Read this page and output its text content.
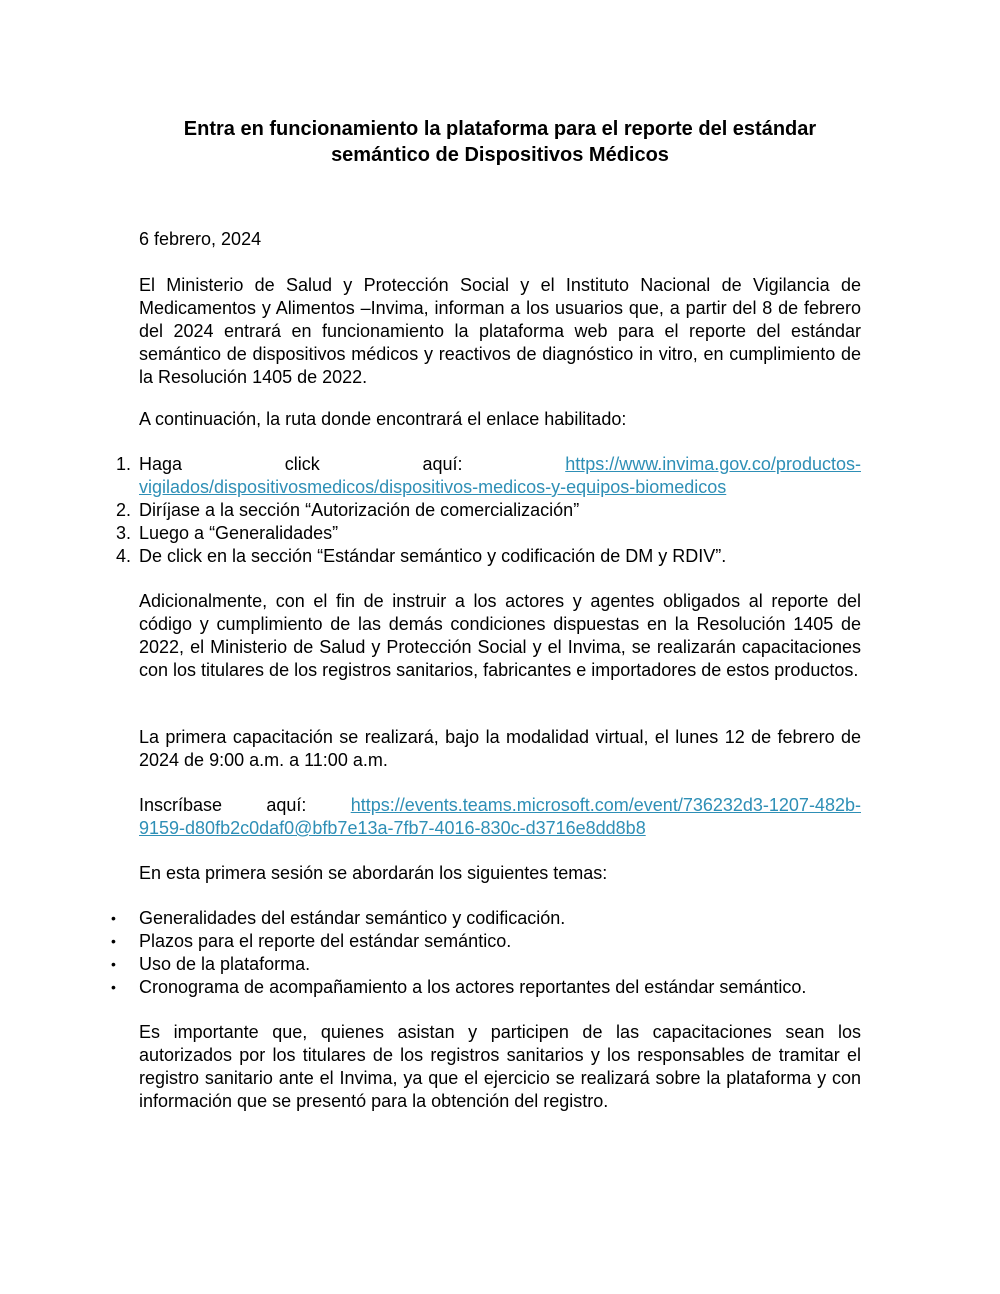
Entra en funcionamiento la plataforma para el reporte del estándar
semántico de Dispositivos Médicos

6 febrero, 2024

El Ministerio de Salud y Protección Social y el Instituto Nacional de Vigilancia de Medicamentos y Alimentos –Invima, informan a los usuarios que, a partir del 8 de febrero del 2024 entrará en funcionamiento la plataforma web para el reporte del estándar semántico de dispositivos médicos y reactivos de diagnóstico in vitro, en cumplimiento de la Resolución 1405 de 2022.

A continuación, la ruta donde encontrará el enlace habilitado:

1. Haga	click	aquí:	https://www.invima.gov.co/productos-
vigilados/dispositivosmedicos/dispositivos-medicos-y-equipos-biomedicos
2. Diríjase a la sección “Autorización de comercialización”
3. Luego a “Generalidades”
4. De click en la sección “Estándar semántico y codificación de DM y RDIV”.

Adicionalmente, con el fin de instruir a los actores y agentes obligados al reporte del código y cumplimiento de las demás condiciones dispuestas en la Resolución 1405 de 2022, el Ministerio de Salud y Protección Social y el Invima, se realizarán capacitaciones con los titulares de los registros sanitarios, fabricantes e importadores de estos productos.

La primera capacitación se realizará, bajo la modalidad virtual, el lunes 12 de febrero de 2024 de 9:00 a.m. a 11:00 a.m.

Inscríbase aquí: https://events.teams.microsoft.com/event/736232d3-1207-482b-
9159-d80fb2c0daf0@bfb7e13a-7fb7-4016-830c-d3716e8dd8b8

En esta primera sesión se abordarán los siguientes temas:

• Generalidades del estándar semántico y codificación.
• Plazos para el reporte del estándar semántico.
• Uso de la plataforma.
• Cronograma de acompañamiento a los actores reportantes del estándar semántico.

Es importante que, quienes asistan y participen de las capacitaciones sean los autorizados por los titulares de los registros sanitarios y los responsables de tramitar el registro sanitario ante el Invima, ya que el ejercicio se realizará sobre la plataforma y con información que se presentó para la obtención del registro.
